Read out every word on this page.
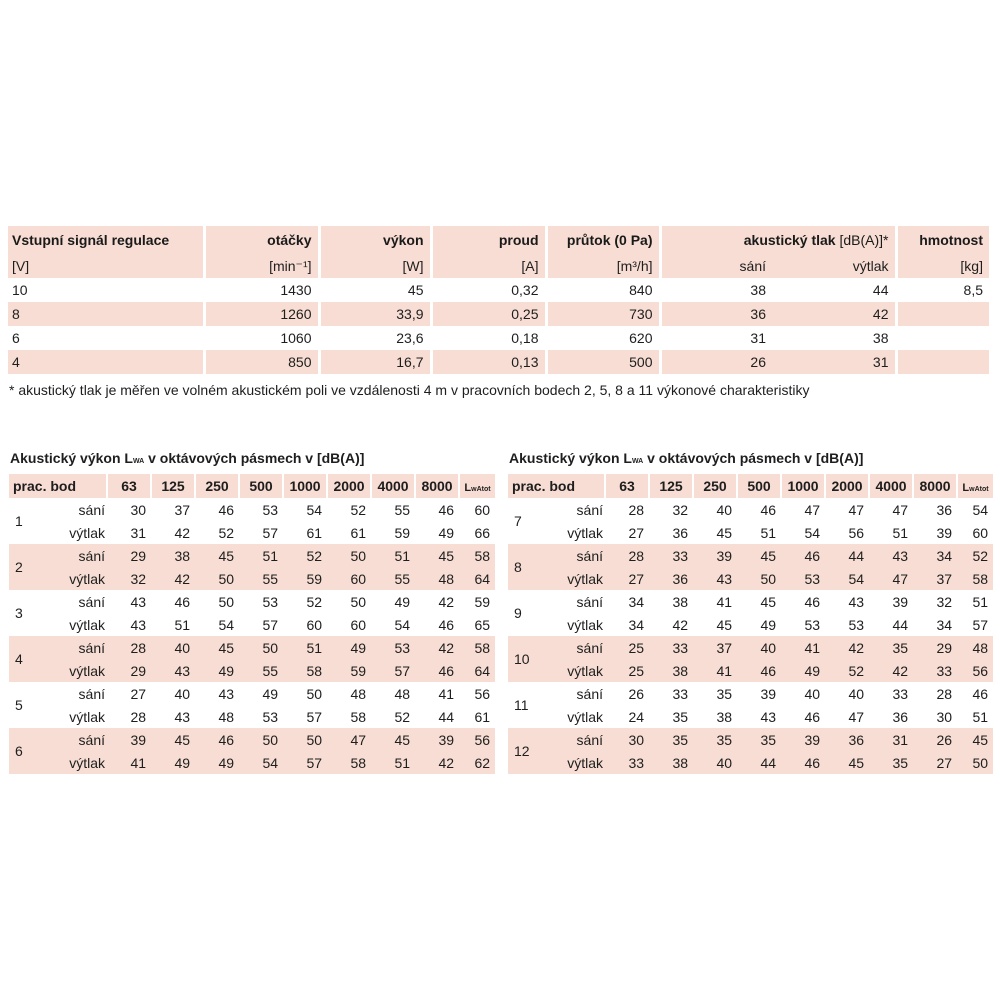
Vstupní signál regulace	otáčky	výkon	proud	průtok (0 Pa)	akustický tlak [dB(A)]*		hmotnost
[V]	[min⁻¹]	[W]	[A]	[m³/h]	sání	výtlak	[kg]
10	1430	45	0,32	840	38	44	8,5
8	1260	33,9	0,25	730	36	42	
6	1060	23,6	0,18	620	31	38	
4	850	16,7	0,13	500	26	31	
* akustický tlak je měřen ve volném akustickém poli ve vzdálenosti 4 m v pracovních bodech 2, 5, 8 a 11 výkonové charakteristiky
Akustický výkon LWA v oktávových pásmech v [dB(A)]	Akustický výkon LWA v oktávových pásmech v [dB(A)]
prac. bod		63	125	250	500	1000	2000	4000	8000	LwAtot
1	sání	30	37	46	53	54	52	55	46	60
	výtlak	31	42	52	57	61	61	59	49	66
2	sání	29	38	45	51	52	50	51	45	58
	výtlak	32	42	50	55	59	60	55	48	64
3	sání	43	46	50	53	52	50	49	42	59
	výtlak	43	51	54	57	60	60	54	46	65
4	sání	28	40	45	50	51	49	53	42	58
	výtlak	29	43	49	55	58	59	57	46	64
5	sání	27	40	43	49	50	48	48	41	56
	výtlak	28	43	48	53	57	58	52	44	61
6	sání	39	45	46	50	50	47	45	39	56
	výtlak	41	49	49	54	57	58	51	42	62
prac. bod		63	125	250	500	1000	2000	4000	8000	LwAtot
7	sání	28	32	40	46	47	47	47	36	54
	výtlak	27	36	45	51	54	56	51	39	60
8	sání	28	33	39	45	46	44	43	34	52
	výtlak	27	36	43	50	53	54	47	37	58
9	sání	34	38	41	45	46	43	39	32	51
	výtlak	34	42	45	49	53	53	44	34	57
10	sání	25	33	37	40	41	42	35	29	48
	výtlak	25	38	41	46	49	52	42	33	56
11	sání	26	33	35	39	40	40	33	28	46
	výtlak	24	35	38	43	46	47	36	30	51
12	sání	30	35	35	35	39	36	31	26	45
	výtlak	33	38	40	44	46	45	35	27	50
